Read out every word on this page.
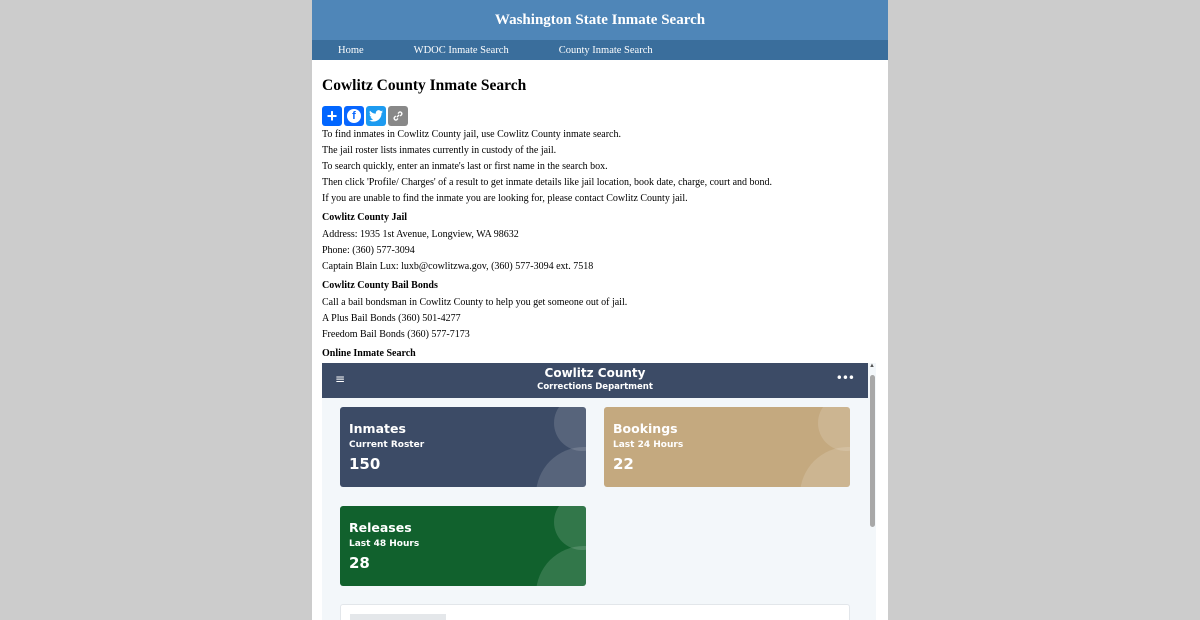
Washington State Inmate Search
Home	WDOC Inmate Search	County Inmate Search
Cowlitz County Inmate Search
+	f
To find inmates in Cowlitz County jail, use Cowlitz County inmate search.
The jail roster lists inmates currently in custody of the jail.
To search quickly, enter an inmate's last or first name in the search box.
Then click 'Profile/ Charges' of a result to get inmate details like jail location, book date, charge, court and bond.
If you are unable to find the inmate you are looking for, please contact Cowlitz County jail.
Cowlitz County Jail
Address: 1935 1st Avenue, Longview, WA 98632
Phone: (360) 577-3094
Captain Blain Lux: luxb@cowlitzwa.gov, (360) 577-3094 ext. 7518
Cowlitz County Bail Bonds
Call a bail bondsman in Cowlitz County to help you get someone out of jail.
A Plus Bail Bonds (360) 501-4277
Freedom Bail Bonds (360) 577-7173
Online Inmate Search
≡	Cowlitz County
Corrections Department
•••
Inmates
Current Roster
150
Bookings
Last 24 Hours
22
Releases
Last 48 Hours
28
▲
